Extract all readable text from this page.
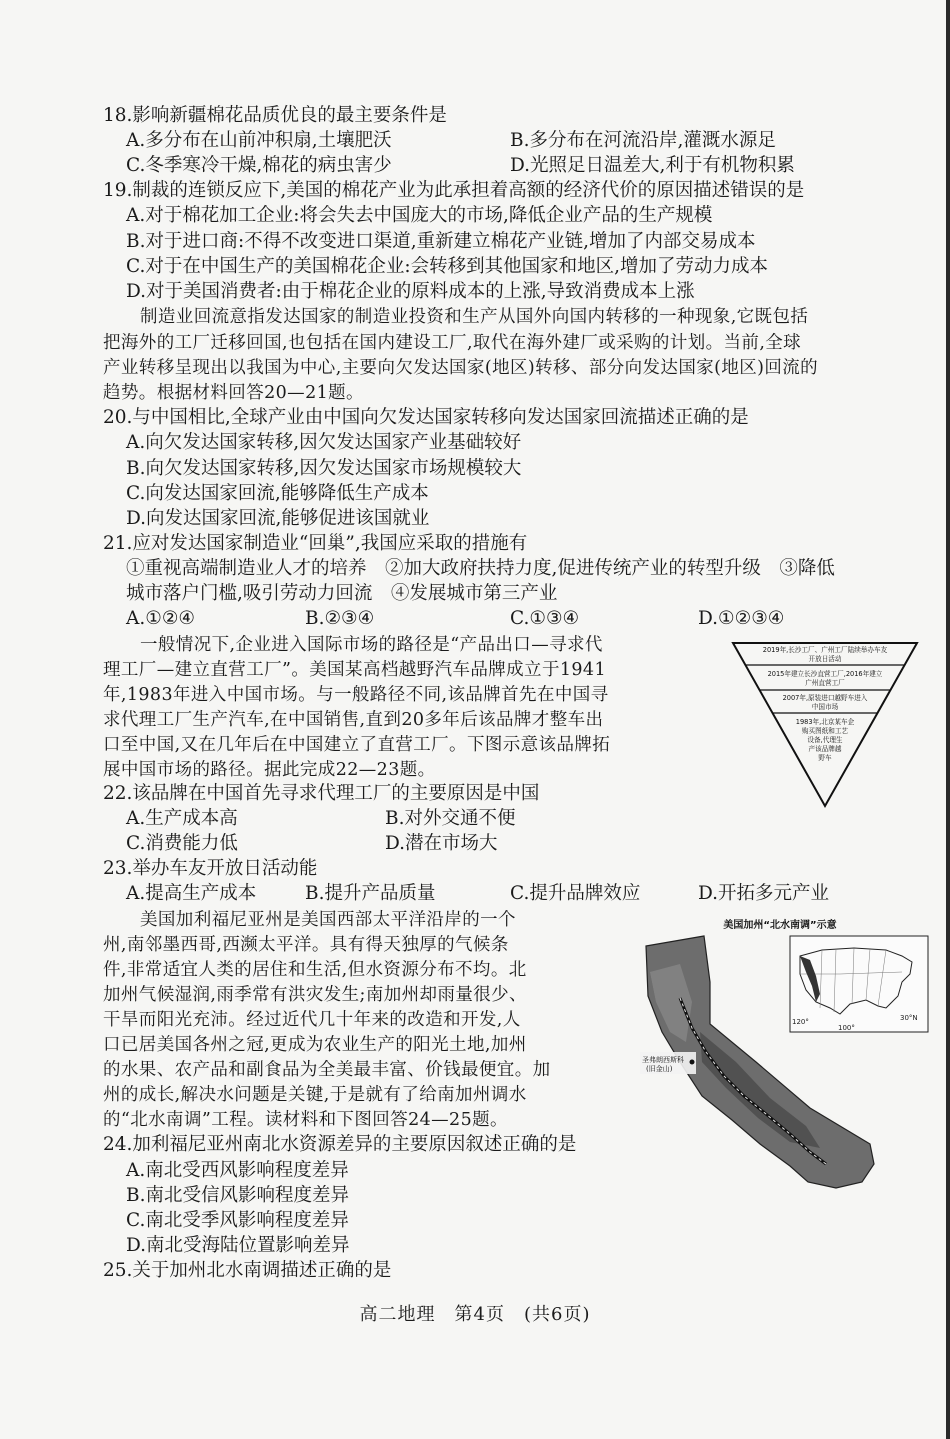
18.影响新疆棉花品质优良的最主要条件是
A.多分布在山前冲积扇,土壤肥沃	B.多分布在河流沿岸,灌溉水源足
C.冬季寒冷干燥,棉花的病虫害少	D.光照足日温差大,利于有机物积累
19.制裁的连锁反应下,美国的棉花产业为此承担着高额的经济代价的原因描述错误的是
A.对于棉花加工企业:将会失去中国庞大的市场,降低企业产品的生产规模
B.对于进口商:不得不改变进口渠道,重新建立棉花产业链,增加了内部交易成本
C.对于在中国生产的美国棉花企业:会转移到其他国家和地区,增加了劳动力成本
D.对于美国消费者:由于棉花企业的原料成本的上涨,导致消费成本上涨
制造业回流意指发达国家的制造业投资和生产从国外向国内转移的一种现象,它既包括
把海外的工厂迁移回国,也包括在国内建设工厂,取代在海外建厂或采购的计划。当前,全球
产业转移呈现出以我国为中心,主要向欠发达国家(地区)转移、部分向发达国家(地区)回流的
趋势。根据材料回答20—21题。
20.与中国相比,全球产业由中国向欠发达国家转移向发达国家回流描述正确的是
A.向欠发达国家转移,因欠发达国家产业基础较好
B.向欠发达国家转移,因欠发达国家市场规模较大
C.向发达国家回流,能够降低生产成本
D.向发达国家回流,能够促进该国就业
21.应对发达国家制造业“回巢”,我国应采取的措施有
①重视高端制造业人才的培养　②加大政府扶持力度,促进传统产业的转型升级　③降低
城市落户门槛,吸引劳动力回流　④发展城市第三产业
A.①②④	B.②③④	C.①③④	D.①②③④
一般情况下,企业进入国际市场的路径是“产品出口—寻求代
理工厂—建立直营工厂”。美国某高档越野汽车品牌成立于1941
年,1983年进入中国市场。与一般路径不同,该品牌首先在中国寻
求代理工厂生产汽车,在中国销售,直到20多年后该品牌才整车出
口至中国,又在几年后在中国建立了直营工厂。下图示意该品牌拓
展中国市场的路径。据此完成22—23题。
2019年,长沙工厂、广州工厂陆续举办车友
开放日活动
2015年建立长沙直营工厂,2016年建立
广州直营工厂
2007年,原装进口越野车进入
中国市场
1983年,北京某车企
购买图纸和工艺
设备,代理生
产该品牌越
野车
22.该品牌在中国首先寻求代理工厂的主要原因是中国
A.生产成本高	B.对外交通不便
C.消费能力低	D.潜在市场大
23.举办车友开放日活动能
A.提高生产成本	B.提升产品质量	C.提升品牌效应	D.开拓多元产业
美国加利福尼亚州是美国西部太平洋沿岸的一个
州,南邻墨西哥,西濒太平洋。具有得天独厚的气候条
件,非常适宜人类的居住和生活,但水资源分布不均。北
加州气候湿润,雨季常有洪灾发生;南加州却雨量很少、
干旱而阳光充沛。经过近代几十年来的改造和开发,人
口已居美国各州之冠,更成为农业生产的阳光土地,加州
的水果、农产品和副食品为全美最丰富、价钱最便宜。加
州的成长,解决水问题是关键,于是就有了给南加州调水
的“北水南调”工程。读材料和下图回答24—25题。
美国加州“北水南调”示意
120°	30°N
100°
圣弗朗西斯科
(旧金山)
24.加利福尼亚州南北水资源差异的主要原因叙述正确的是
A.南北受西风影响程度差异
B.南北受信风影响程度差异
C.南北受季风影响程度差异
D.南北受海陆位置影响差异
25.关于加州北水南调描述正确的是
高二地理　第4页　(共6页)
